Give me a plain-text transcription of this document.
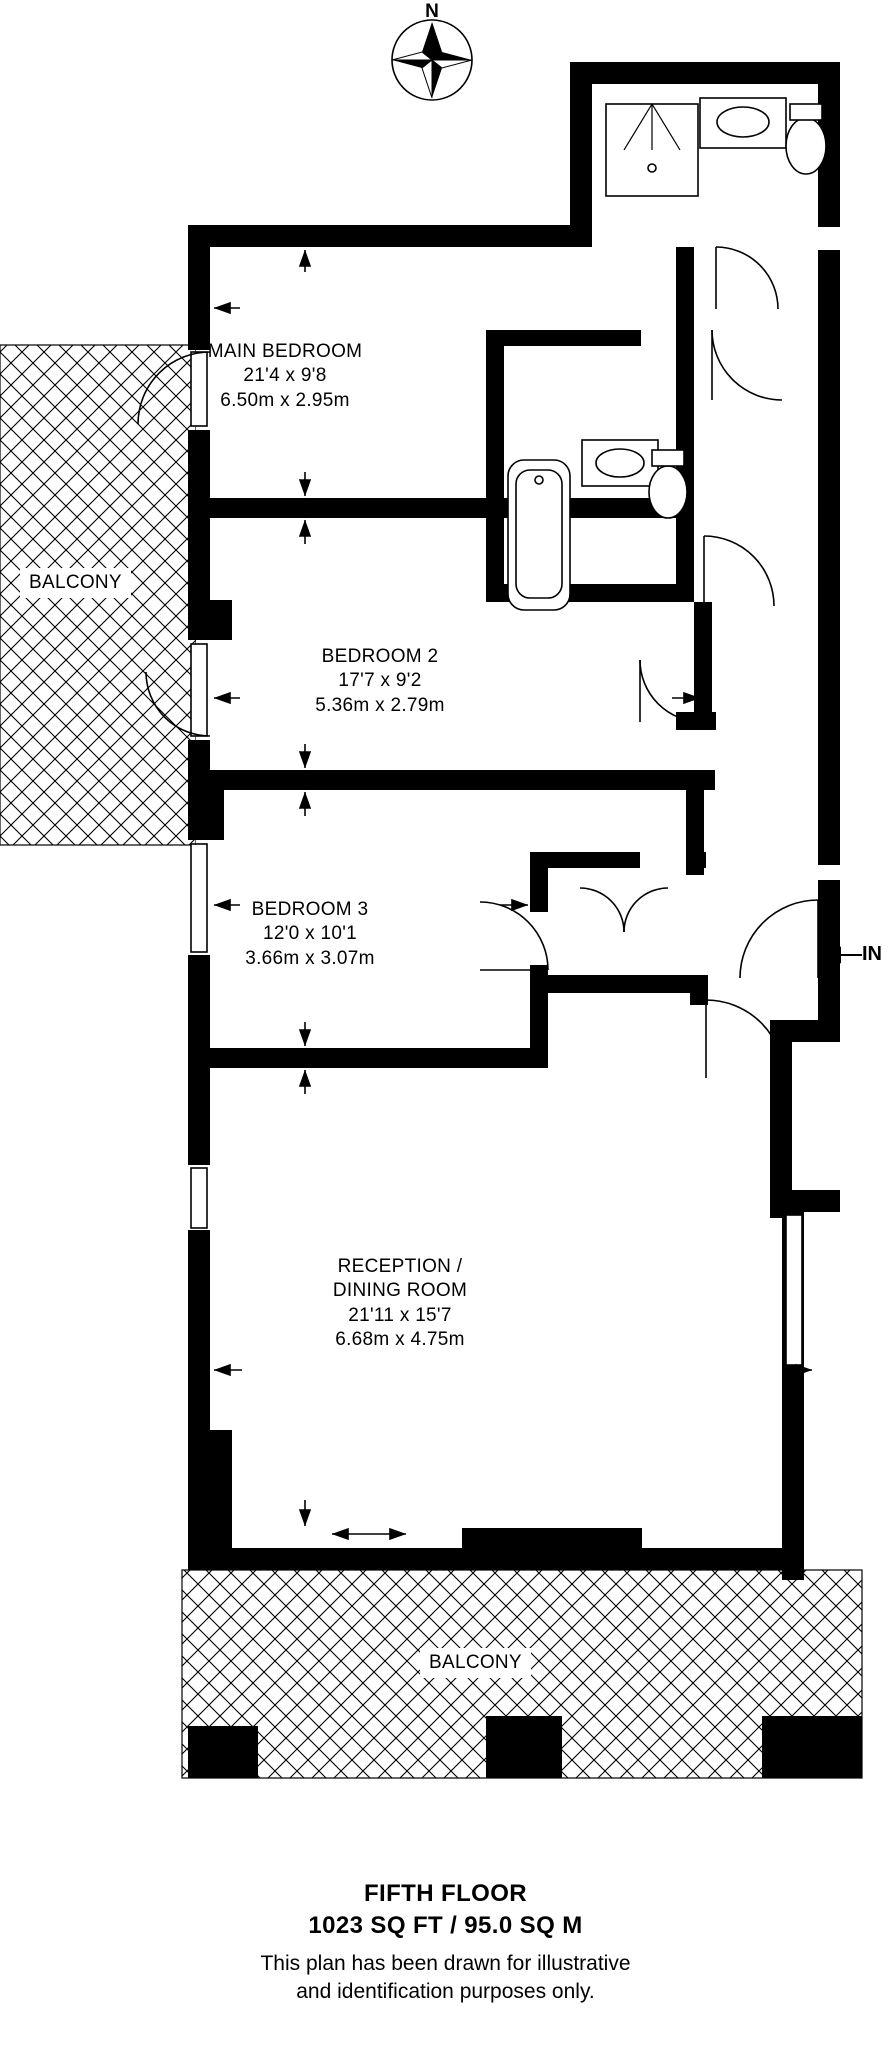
MAIN BEDROOM
21'4 x 9'8
6.50m x 2.95m
BEDROOM 2
17'7 x 9'2
5.36m x 2.79m
BEDROOM 3
12'0 x 10'1
3.66m x 3.07m
RECEPTION /
DINING ROOM
21'11 x 15'7
6.68m x 4.75m
BALCONY
BALCONY
IN
N
FIFTH FLOOR
1023 SQ FT / 95.0 SQ M
This plan has been drawn for illustrative
and identification purposes only.
